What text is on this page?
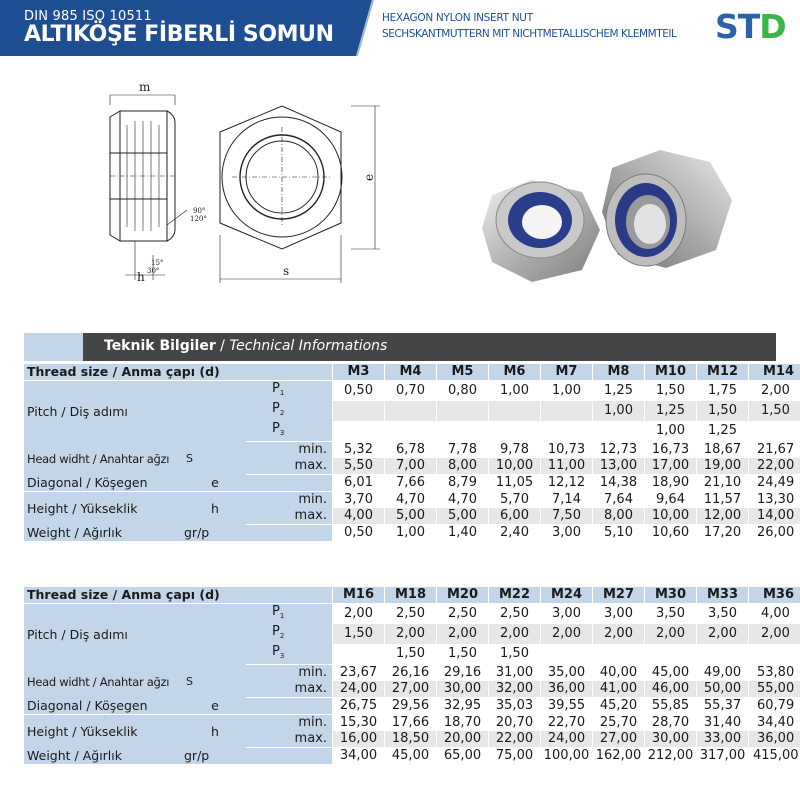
DIN 985 ISO 10511
ALTIKÖŞE FİBERLİ SOMUN
HEXAGON NYLON INSERT NUT
SECHSKANTMUTTERN MIT NICHTMETALLISCHEM KLEMMTEIL STD
m
h
90°
120°
15°
30°	s
e
Teknik Bilgiler / Technical Informations
Thread size / Anma çapı (d)			M3	M4	M5	M6	M7	M8	M10	M12	M14
Pitch / Diş adımı		$P_1$	0,50	0,70	0,80	1,00	1,00	1,25	1,50	1,75	2,00
		$P_2$						1,00	1,25	1,50	1,50
		$P_3$							1,00	1,25	
Head widht / Anahtar ağzı	S	min.	5,32	6,78	7,78	9,78	10,73	12,73	16,73	18,67	21,67
		max.	5,50	7,00	8,00	10,00	11,00	13,00	17,00	19,00	22,00
Diagonal / Köşegen	e		6,01	7,66	8,79	11,05	12,12	14,38	18,90	21,10	24,49
Height / Yükseklik	h	min.	3,70	4,70	4,70	5,70	7,14	7,64	9,64	11,57	13,30
		max.	4,00	5,00	5,00	6,00	7,50	8,00	10,00	12,00	14,00
Weight / Ağırlık	gr/p		0,50	1,00	1,40	2,40	3,00	5,10	10,60	17,20	26,00
Thread size / Anma çapı (d)			M16	M18	M20	M22	M24	M27	M30	M33	M36
Pitch / Diş adımı		$P_1$	2,00	2,50	2,50	2,50	3,00	3,00	3,50	3,50	4,00
		$P_2$	1,50	2,00	2,00	2,00	2,00	2,00	2,00	2,00	2,00
		$P_3$		1,50	1,50	1,50					
Head widht / Anahtar ağzı	S	min.	23,67	26,16	29,16	31,00	35,00	40,00	45,00	49,00	53,80
		max.	24,00	27,00	30,00	32,00	36,00	41,00	46,00	50,00	55,00
Diagonal / Köşegen	e		26,75	29,56	32,95	35,03	39,55	45,20	55,85	55,37	60,79
Height / Yükseklik	h	min.	15,30	17,66	18,70	20,70	22,70	25,70	28,70	31,40	34,40
		max.	16,00	18,50	20,00	22,00	24,00	27,00	30,00	33,00	36,00
Weight / Ağırlık	gr/p		34,00	45,00	65,00	75,00	100,00	162,00	212,00	317,00	415,00
